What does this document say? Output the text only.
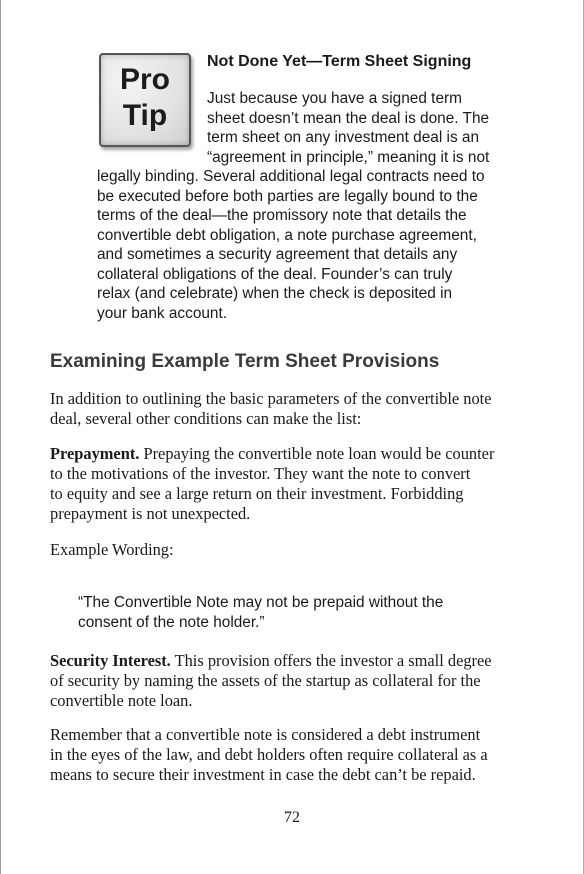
Pro
Tip
Not Done Yet—Term Sheet Signing
Just because you have a signed term
sheet doesn’t mean the deal is done. The
term sheet on any investment deal is an
“agreement in principle,” meaning it is not
legally binding. Several additional legal contracts need to
be executed before both parties are legally bound to the
terms of the deal—the promissory note that details the
convertible debt obligation, a note purchase agreement,
and sometimes a security agreement that details any
collateral obligations of the deal. Founder’s can truly
relax (and celebrate) when the check is deposited in
your bank account.
Examining Example Term Sheet Provisions
In addition to outlining the basic parameters of the convertible note
deal, several other conditions can make the list:
Prepayment. Prepaying the convertible note loan would be counter
to the motivations of the investor. They want the note to convert
to equity and see a large return on their investment. Forbidding
prepayment is not unexpected.
Example Wording:
“The Convertible Note may not be prepaid without the
consent of the note holder.”
Security Interest. This provision offers the investor a small degree
of security by naming the assets of the startup as collateral for the
convertible note loan.
Remember that a convertible note is considered a debt instrument
in the eyes of the law, and debt holders often require collateral as a
means to secure their investment in case the debt can’t be repaid.
72
